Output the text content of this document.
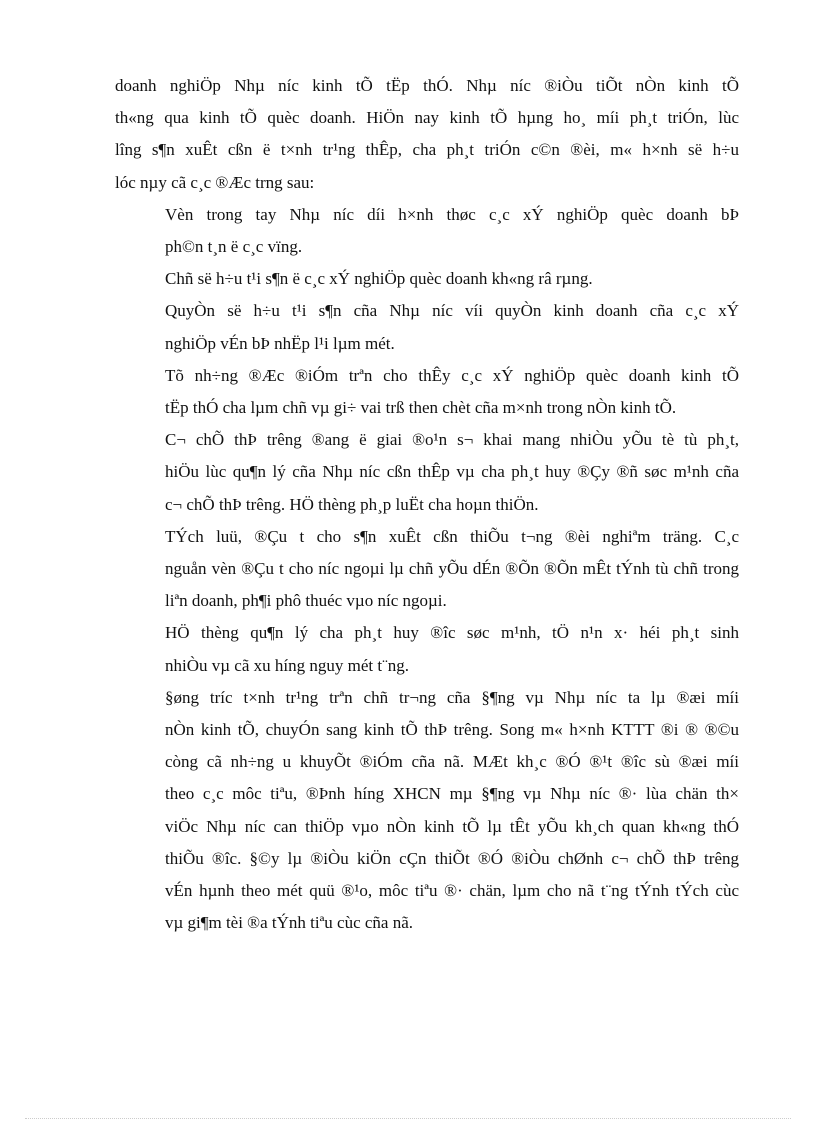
doanh nghiÖp Nhµ níc kinh tÕ tËp thÓ. Nhµ níc ®iÒu tiÕt nÒn kinh tÕ
th«ng qua kinh tÕ quèc doanh. HiÖn nay kinh tÕ hµng ho¸ míi ph¸t triÓn, lùc
lîng s¶n xuÊt cßn ë t×nh tr¹ng thÊp, cha ph¸t triÓn c©n ®èi, m« h×nh së h÷u
lóc nµy cã c¸c ®Æc trng sau:

Vèn trong tay Nhµ níc díi h×nh thøc c¸c xÝ nghiÖp quèc doanh bÞ
ph©n t¸n ë c¸c vïng.

Chñ së h÷u t¹i s¶n ë c¸c xÝ nghiÖp quèc doanh kh«ng râ rµng.

QuyÒn së h÷u t¹i s¶n cña Nhµ níc víi quyÒn kinh doanh cña c¸c xÝ
nghiÖp vÉn bÞ nhËp l¹i lµm mét.

Tõ nh÷ng ®Æc ®iÓm trªn cho thÊy c¸c xÝ nghiÖp quèc doanh kinh tÕ
tËp thÓ cha lµm chñ vµ gi÷ vai trß then chèt cña m×nh trong nÒn kinh tÕ.

C¬ chÕ thÞ trêng ®ang ë giai ®o¹n s¬ khai mang nhiÒu yÕu tè tù ph¸t,
hiÖu lùc qu¶n lý cña Nhµ níc cßn thÊp vµ cha ph¸t huy ®Çy ®ñ søc m¹nh cña
c¬ chÕ thÞ trêng. HÖ thèng ph¸p luËt cha hoµn thiÖn.

TÝch luü, ®Çu t cho s¶n xuÊt cßn thiÕu t¬ng ®èi nghiªm träng. C¸c
nguån vèn ®Çu t cho níc ngoµi lµ chñ yÕu dÉn ®Õn ®Õn mÊt tÝnh tù chñ trong
liªn doanh, ph¶i phô thuéc vµo níc ngoµi.

HÖ thèng qu¶n lý cha ph¸t huy ®îc søc m¹nh, tÖ n¹n x· héi ph¸t sinh
nhiÒu vµ cã xu híng nguy mét t¨ng.

§øng tríc t×nh tr¹ng trªn chñ tr¬ng cña §¶ng vµ Nhµ níc ta lµ ®æi míi
nÒn kinh tÕ, chuyÓn sang kinh tÕ thÞ trêng. Song m« h×nh KTTT ®i ® ®©u
còng cã nh÷ng u khuyÕt ®iÓm cña nã. MÆt kh¸c ®Ó ®¹t ®îc sù ®æi míi
theo c¸c môc tiªu, ®Þnh híng XHCN mµ §¶ng vµ Nhµ níc ®· lùa chän th×
viÖc Nhµ níc can thiÖp vµo nÒn kinh tÕ lµ tÊt yÕu kh¸ch quan kh«ng thÓ
thiÕu ®îc. §©y lµ ®iÒu kiÖn cÇn thiÕt ®Ó ®iÒu chØnh c¬ chÕ thÞ trêng
vÉn hµnh theo mét quü ®¹o, môc tiªu ®· chän, lµm cho nã t¨ng tÝnh tÝch cùc
vµ gi¶m tèi ®a tÝnh tiªu cùc cña nã.
